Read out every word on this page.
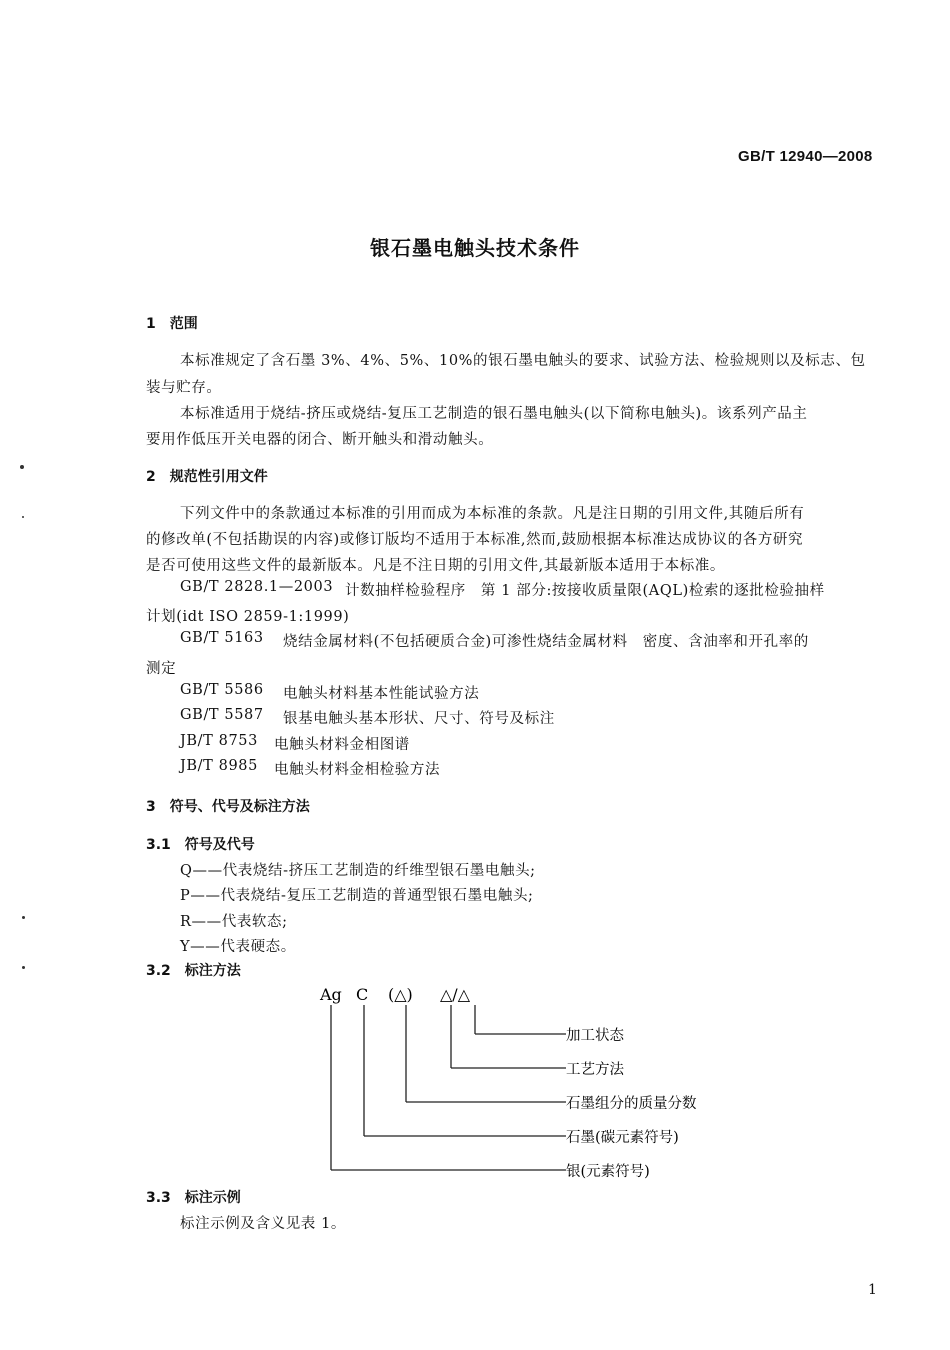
GB/T 12940—2008
银石墨电触头技术条件
1　范围
本标准规定了含石墨 3%、4%、5%、10%的银石墨电触头的要求、试验方法、检验规则以及标志、包
装与贮存。
本标准适用于烧结-挤压或烧结-复压工艺制造的银石墨电触头(以下简称电触头)。该系列产品主
要用作低压开关电器的闭合、断开触头和滑动触头。
2　规范性引用文件
下列文件中的条款通过本标准的引用而成为本标准的条款。凡是注日期的引用文件,其随后所有
的修改单(不包括勘误的内容)或修订版均不适用于本标准,然而,鼓励根据本标准达成协议的各方研究
是否可使用这些文件的最新版本。凡是不注日期的引用文件,其最新版本适用于本标准。
GB/T 2828.1—2003 计数抽样检验程序　第 1 部分:按接收质量限(AQL)检索的逐批检验抽样
计划(idt ISO 2859-1:1999)
GB/T 5163 烧结金属材料(不包括硬质合金)可渗性烧结金属材料　密度、含油率和开孔率的
测定
GB/T 5586 电触头材料基本性能试验方法
GB/T 5587 银基电触头基本形状、尺寸、符号及标注
JB/T 8753 电触头材料金相图谱
JB/T 8985 电触头材料金相检验方法
3　符号、代号及标注方法
3.1　符号及代号
Q——代表烧结-挤压工艺制造的纤维型银石墨电触头;
P——代表烧结-复压工艺制造的普通型银石墨电触头;
R——代表软态;
Y——代表硬态。
3.2　标注方法
Ag C (△) △/△
加工状态
工艺方法
石墨组分的质量分数
石墨(碳元素符号)
银(元素符号)
3.3　标注示例
标注示例及含义见表 1。
1
